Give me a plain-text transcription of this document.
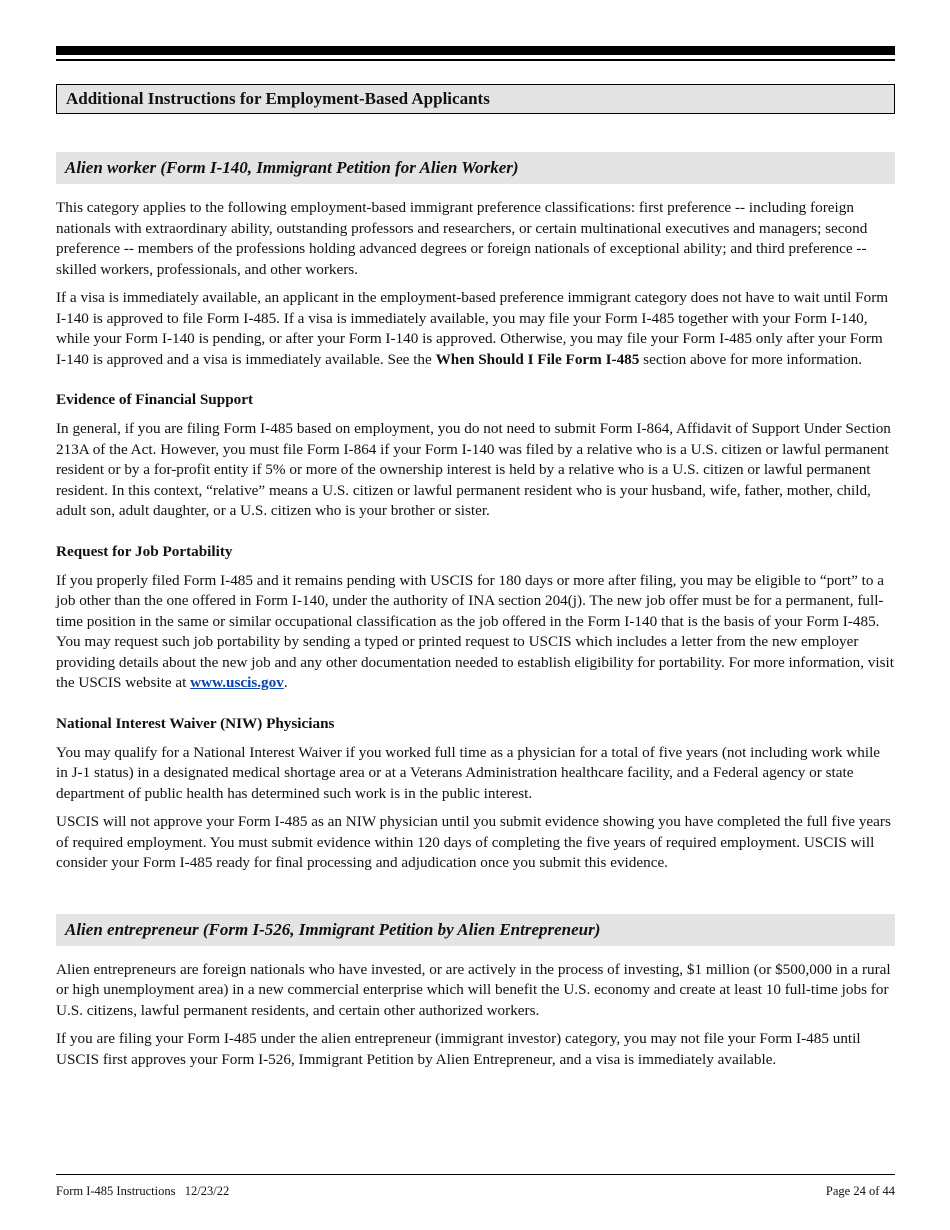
Additional Instructions for Employment-Based Applicants
Alien worker (Form I-140, Immigrant Petition for Alien Worker)

This category applies to the following employment-based immigrant preference classifications: first preference -- including foreign nationals with extraordinary ability, outstanding professors and researchers, or certain multinational executives and managers; second preference -- members of the professions holding advanced degrees or foreign nationals of exceptional ability; and third preference -- skilled workers, professionals, and other workers.

If a visa is immediately available, an applicant in the employment-based preference immigrant category does not have to wait until Form I-140 is approved to file Form I-485. If a visa is immediately available, you may file your Form I-485 together with your Form I-140, while your Form I-140 is pending, or after your Form I-140 is approved. Otherwise, you may file your Form I-485 only after your Form I-140 is approved and a visa is immediately available. See the When Should I File Form I-485 section above for more information.

Evidence of Financial Support

In general, if you are filing Form I-485 based on employment, you do not need to submit Form I-864, Affidavit of Support Under Section 213A of the Act. However, you must file Form I-864 if your Form I-140 was filed by a relative who is a U.S. citizen or lawful permanent resident or by a for-profit entity if 5% or more of the ownership interest is held by a relative who is a U.S. citizen or lawful permanent resident. In this context, “relative” means a U.S. citizen or lawful permanent resident who is your husband, wife, father, mother, child, adult son, adult daughter, or a U.S. citizen who is your brother or sister.

Request for Job Portability

If you properly filed Form I-485 and it remains pending with USCIS for 180 days or more after filing, you may be eligible to “port” to a job other than the one offered in Form I-140, under the authority of INA section 204(j). The new job offer must be for a permanent, full-time position in the same or similar occupational classification as the job offered in the Form I-140 that is the basis of your Form I-485. You may request such job portability by sending a typed or printed request to USCIS which includes a letter from the new employer providing details about the new job and any other documentation needed to establish eligibility for portability. For more information, visit the USCIS website at www.uscis.gov.

National Interest Waiver (NIW) Physicians

You may qualify for a National Interest Waiver if you worked full time as a physician for a total of five years (not including work while in J-1 status) in a designated medical shortage area or at a Veterans Administration healthcare facility, and a Federal agency or state department of public health has determined such work is in the public interest.

USCIS will not approve your Form I-485 as an NIW physician until you submit evidence showing you have completed the full five years of required employment. You must submit evidence within 120 days of completing the five years of required employment. USCIS will consider your Form I-485 ready for final processing and adjudication once you submit this evidence.

Alien entrepreneur (Form I-526, Immigrant Petition by Alien Entrepreneur)

Alien entrepreneurs are foreign nationals who have invested, or are actively in the process of investing, $1 million (or $500,000 in a rural or high unemployment area) in a new commercial enterprise which will benefit the U.S. economy and create at least 10 full-time jobs for U.S. citizens, lawful permanent residents, and certain other authorized workers.

If you are filing your Form I-485 under the alien entrepreneur (immigrant investor) category, you may not file your Form I-485 until USCIS first approves your Form I-526, Immigrant Petition by Alien Entrepreneur, and a visa is immediately available.

Form I-485 Instructions   12/23/22	Page 24 of 44
